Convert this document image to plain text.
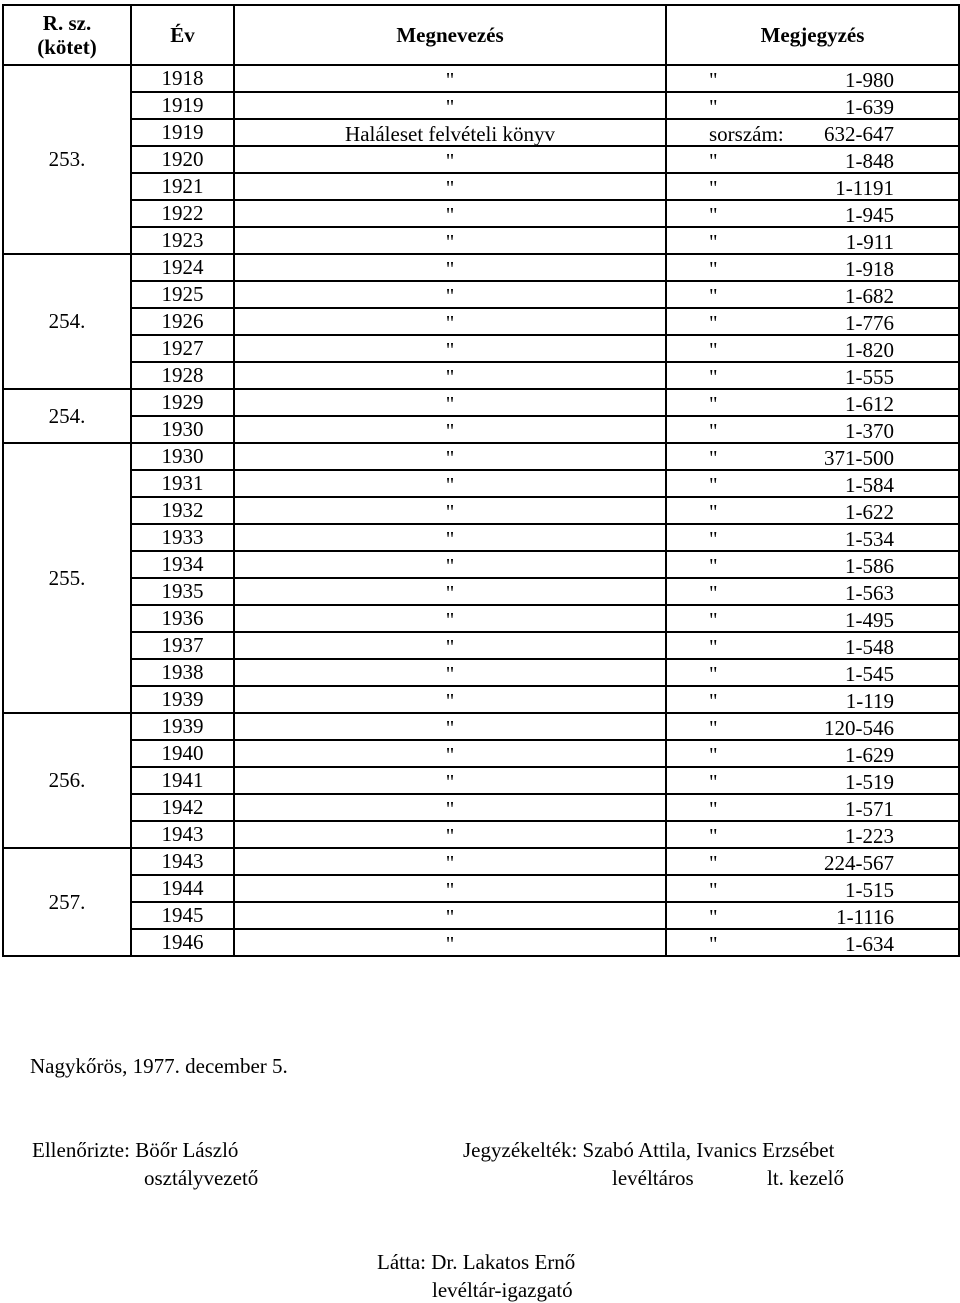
R. sz.
(kötet)	Év	Megnevezés	Megjegyzés
253.	1918	"	" 1-980

	1919	"	" 1-639

	1919	Haláleset felvételi könyv	sorszám: 632-647

	1920	"	" 1-848

	1921	"	" 1-1191

	1922	"	" 1-945

	1923	"	" 1-911

254.	1924	"	" 1-918

	1925	"	" 1-682

	1926	"	" 1-776

	1927	"	" 1-820

	1928	"	" 1-555

254.	1929	"	" 1-612

	1930	"	" 1-370

255.	1930	"	" 371-500

	1931	"	" 1-584

	1932	"	" 1-622

	1933	"	" 1-534

	1934	"	" 1-586

	1935	"	" 1-563

	1936	"	" 1-495

	1937	"	" 1-548

	1938	"	" 1-545

	1939	"	" 1-119

256.	1939	"	" 120-546

	1940	"	" 1-629

	1941	"	" 1-519

	1942	"	" 1-571

	1943	"	" 1-223

257.	1943	"	" 224-567

	1944	"	" 1-515

	1945	"	" 1-1116

	1946	"	" 1-634
Nagykőrös, 1977. december 5.
Ellenőrizte: Böőr László
osztályvezető
Jegyzékelték: Szabó Attila, Ivanics Erzsébet
levéltáros	lt. kezelő
Látta: Dr. Lakatos Ernő
levéltár-igazgató
